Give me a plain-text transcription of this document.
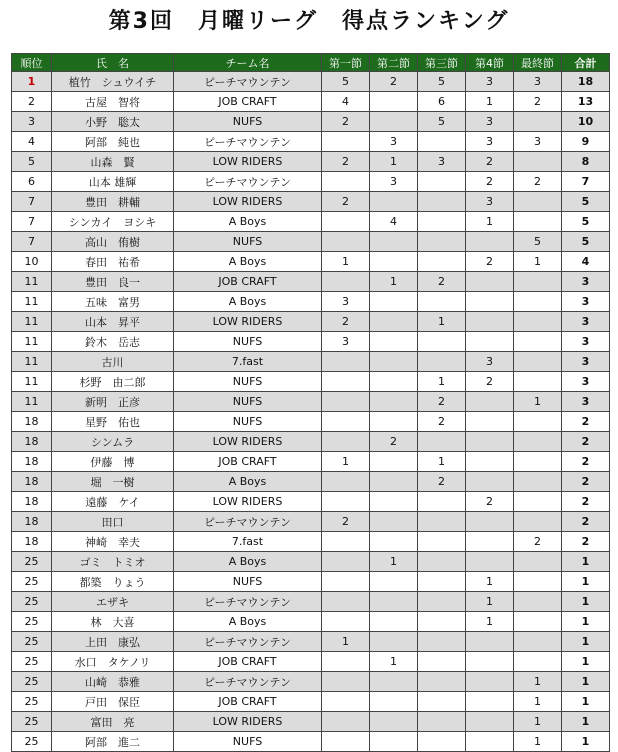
第3回　月曜リーグ　得点ランキング
順位	氏　名	チーム名	第一節	第二節	第三節	第4節	最終節	合計
1	植竹　シュウイチ	ピーチマウンテン	5	2	5	3	3	18
2	古屋　智将	JOB CRAFT	4		6	1	2	13
3	小野　聡太	NUFS	2		5	3		10
4	阿部　純也	ピーチマウンテン		3		3	3	9
5	山森　賢	LOW RIDERS	2	1	3	2		8
6	山本 雄輝	ピーチマウンテン		3		2	2	7
7	豊田　耕輔	LOW RIDERS	2			3		5
7	シンカイ　ヨシキ	A Boys		4		1		5
7	高山　侑樹	NUFS					5	5
10	春田　祐希	A Boys	1			2	1	4
11	豊田　良一	JOB CRAFT		1	2			3
11	五味　富男	A Boys	3					3
11	山本　昇平	LOW RIDERS	2		1			3
11	鈴木　岳志	NUFS	3					3
11	古川	7.fast				3		3
11	杉野　由二郎	NUFS			1	2		3
11	新明　正彦	NUFS			2		1	3
18	星野　佑也	NUFS			2			2
18	シンムラ	LOW RIDERS		2				2
18	伊藤　博	JOB CRAFT	1		1			2
18	堀　一樹	A Boys			2			2
18	遠藤　ケイ	LOW RIDERS				2		2
18	田口	ピーチマウンテン	2					2
18	神崎　幸夫	7.fast					2	2
25	ゴミ　トミオ	A Boys		1				1
25	都築　りょう	NUFS				1		1
25	エザキ	ピーチマウンテン				1		1
25	林　大喜	A Boys				1		1
25	上田　康弘	ピーチマウンテン	1					1
25	水口　タケノリ	JOB CRAFT		1				1
25	山崎　恭雅	ピーチマウンテン					1	1
25	戸田　保臣	JOB CRAFT					1	1
25	富田　亮	LOW RIDERS					1	1
25	阿部　進二	NUFS					1	1
